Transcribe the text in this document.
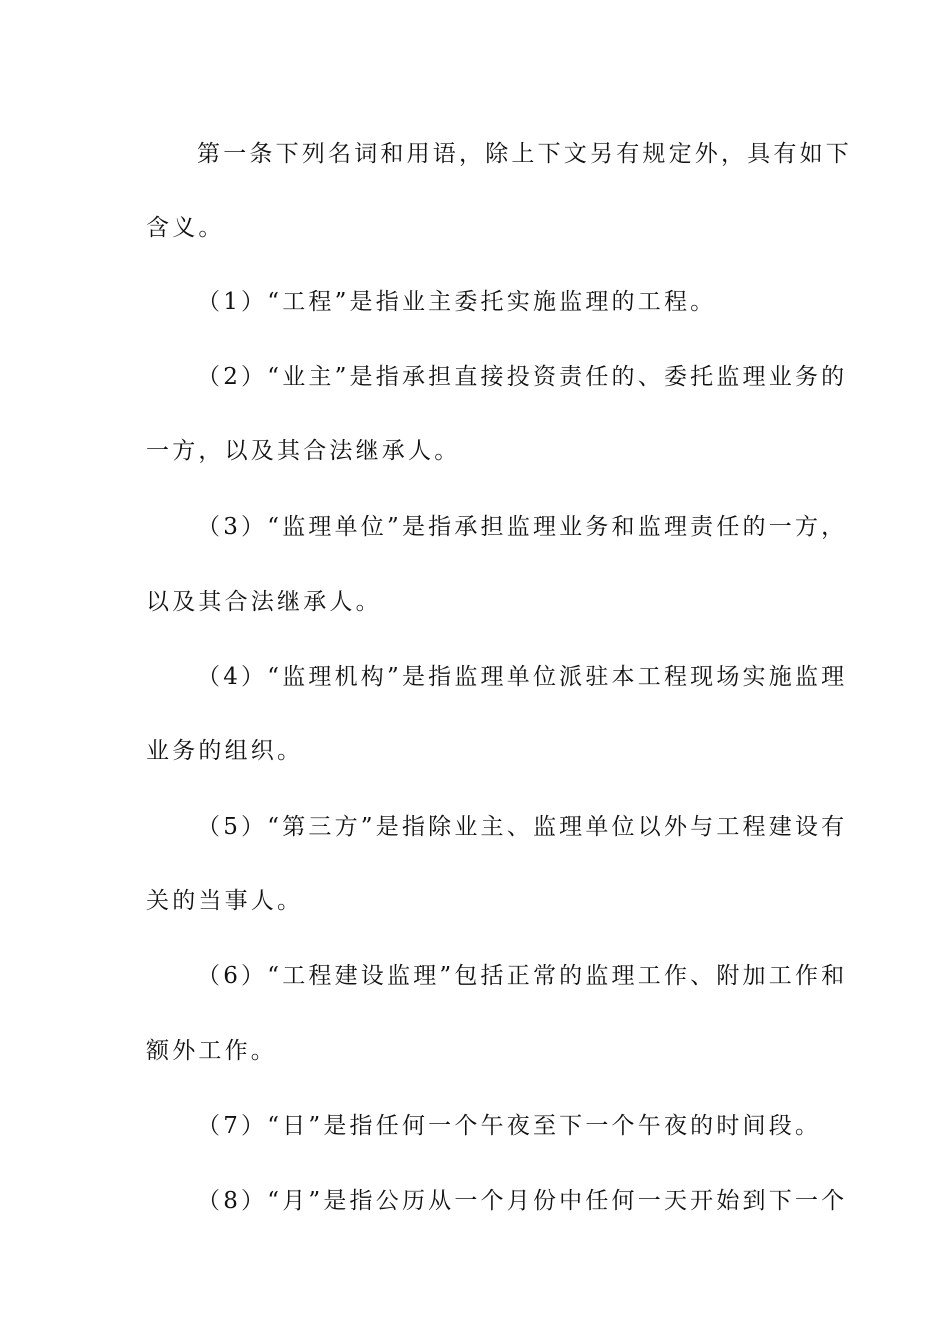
第一条下列名词和用语，除上下文另有规定外，具有如下
含义。
（1）“工程”是指业主委托实施监理的工程。
（2）“业主”是指承担直接投资责任的、委托监理业务的
一方，以及其合法继承人。
（3）“监理单位”是指承担监理业务和监理责任的一方，
以及其合法继承人。
（4）“监理机构”是指监理单位派驻本工程现场实施监理
业务的组织。
（5）“第三方”是指除业主、监理单位以外与工程建设有
关的当事人。
（6）“工程建设监理”包括正常的监理工作、附加工作和
额外工作。
（7）“日”是指任何一个午夜至下一个午夜的时间段。
（8）“月”是指公历从一个月份中任何一天开始到下一个
